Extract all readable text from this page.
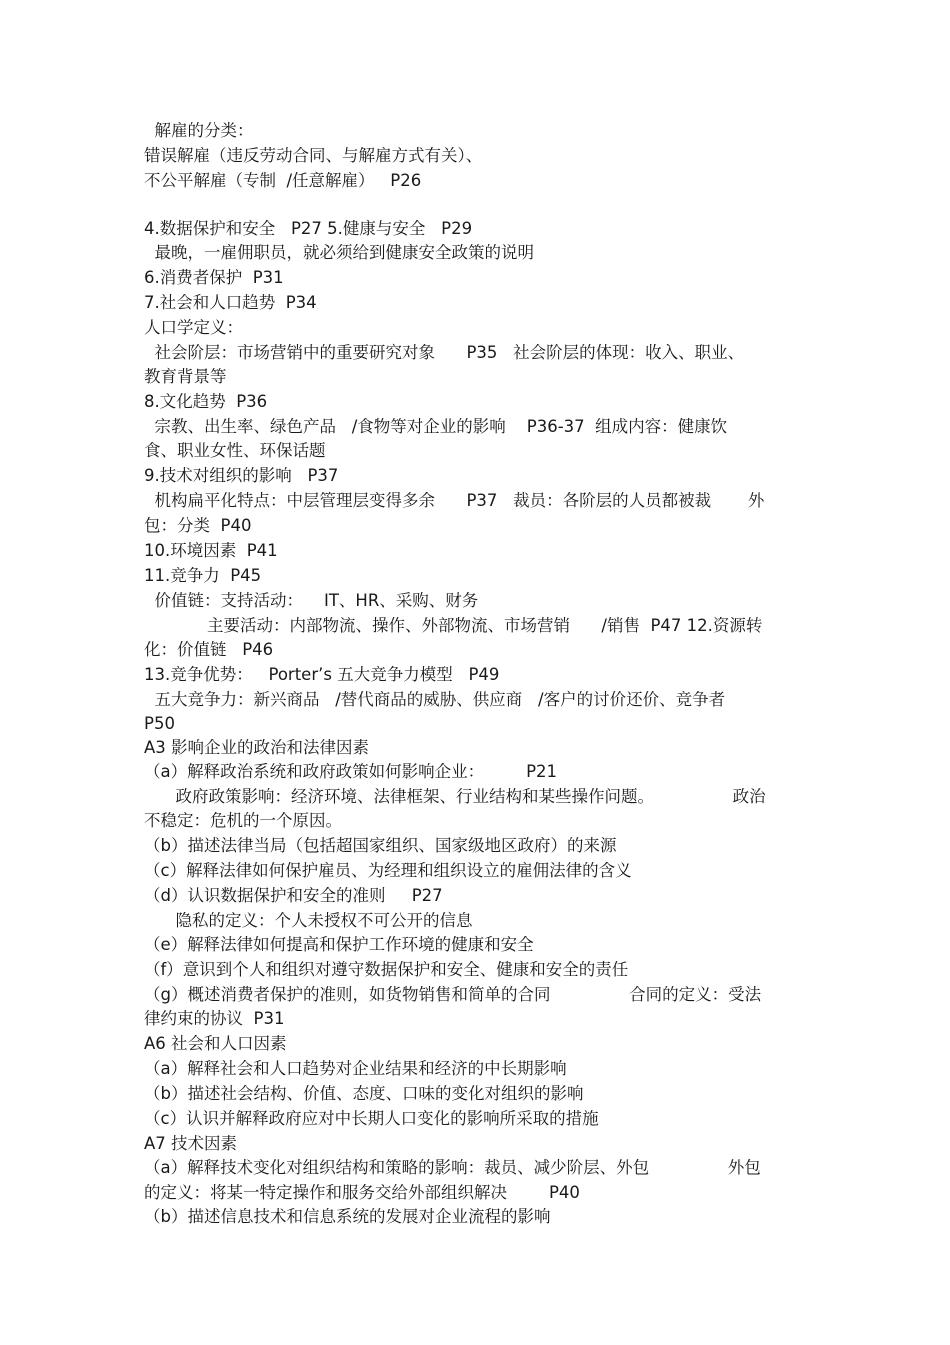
解雇的分类：
错误解雇（违反劳动合同、与解雇方式有关）、
不公平解雇（专制  /任意解雇）   P26
4.数据保护和安全   P27 5.健康与安全   P29
最晚，一雇佣职员，就必须给到健康安全政策的说明
6.消费者保护  P31
7.社会和人口趋势  P34
人口学定义：
社会阶层：市场营销中的重要研究对象      P35   社会阶层的体现：收入、职业、
教育背景等
8.文化趋势  P36
宗教、出生率、绿色产品   /食物等对企业的影响    P36-37  组成内容：健康饮
食、职业女性、环保话题
9.技术对组织的影响   P37
机构扁平化特点：中层管理层变得多余      P37   裁员：各阶层的人员都被裁       外
包：分类  P40
10.环境因素  P41
11.竞争力  P45
价值链：支持活动：    IT、HR、采购、财务
主要活动：内部物流、操作、外部物流、市场营销      /销售  P47 12.资源转
化：价值链   P46
13.竞争优势：   Porter’s 五大竞争力模型   P49
五大竞争力：新兴商品   /替代商品的威胁、供应商   /客户的讨价还价、竞争者
P50
A3 影响企业的政治和法律因素
（a）解释政治系统和政府政策如何影响企业：        P21
政府政策影响：经济环境、法律框架、行业结构和某些操作问题。               政治
不稳定：危机的一个原因。
（b）描述法律当局（包括超国家组织、国家级地区政府）的来源
（c）解释法律如何保护雇员、为经理和组织设立的雇佣法律的含义
（d）认识数据保护和安全的准则     P27
隐私的定义：个人未授权不可公开的信息
（e）解释法律如何提高和保护工作环境的健康和安全
（f）意识到个人和组织对遵守数据保护和安全、健康和安全的责任
（g）概述消费者保护的准则，如货物销售和简单的合同               合同的定义：受法
律约束的协议  P31
A6 社会和人口因素
（a）解释社会和人口趋势对企业结果和经济的中长期影响
（b）描述社会结构、价值、态度、口味的变化对组织的影响
（c）认识并解释政府应对中长期人口变化的影响所采取的措施
A7 技术因素
（a）解释技术变化对组织结构和策略的影响：裁员、减少阶层、外包               外包
的定义：将某一特定操作和服务交给外部组织解决        P40
（b）描述信息技术和信息系统的发展对企业流程的影响
